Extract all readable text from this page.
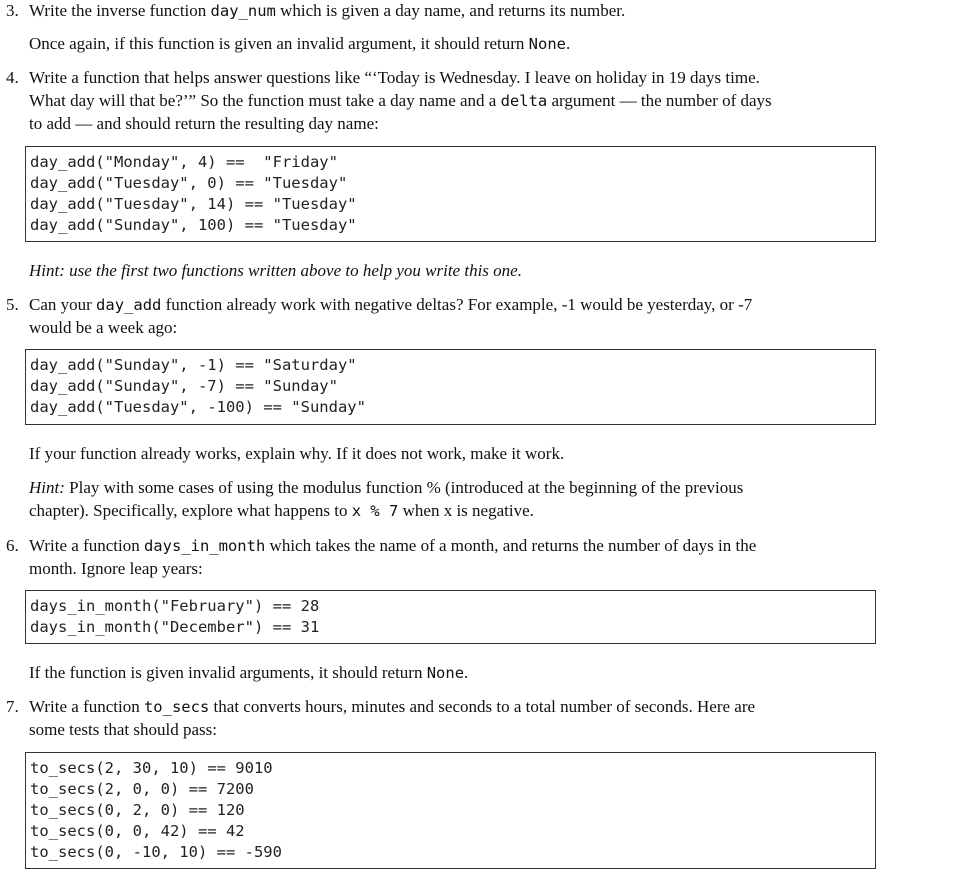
3. Write the inverse function day_num which is given a day name, and returns its number.
Once again, if this function is given an invalid argument, it should return None.
4. Write a function that helps answer questions like “‘Today is Wednesday. I leave on holiday in 19 days time.
What day will that be?’” So the function must take a day name and a delta argument — the number of days
to add — and should return the resulting day name:
day_add("Monday", 4) ==  "Friday"
day_add("Tuesday", 0) == "Tuesday"
day_add("Tuesday", 14) == "Tuesday"
day_add("Sunday", 100) == "Tuesday"
Hint: use the first two functions written above to help you write this one.
5. Can your day_add function already work with negative deltas? For example, -1 would be yesterday, or -7
would be a week ago:
day_add("Sunday", -1) == "Saturday"
day_add("Sunday", -7) == "Sunday"
day_add("Tuesday", -100) == "Sunday"
If your function already works, explain why. If it does not work, make it work.
Hint: Play with some cases of using the modulus function % (introduced at the beginning of the previous
chapter). Specifically, explore what happens to x % 7 when x is negative.
6. Write a function days_in_month which takes the name of a month, and returns the number of days in the
month. Ignore leap years:
days_in_month("February") == 28
days_in_month("December") == 31
If the function is given invalid arguments, it should return None.
7. Write a function to_secs that converts hours, minutes and seconds to a total number of seconds. Here are
some tests that should pass:
to_secs(2, 30, 10) == 9010
to_secs(2, 0, 0) == 7200
to_secs(0, 2, 0) == 120
to_secs(0, 0, 42) == 42
to_secs(0, -10, 10) == -590
